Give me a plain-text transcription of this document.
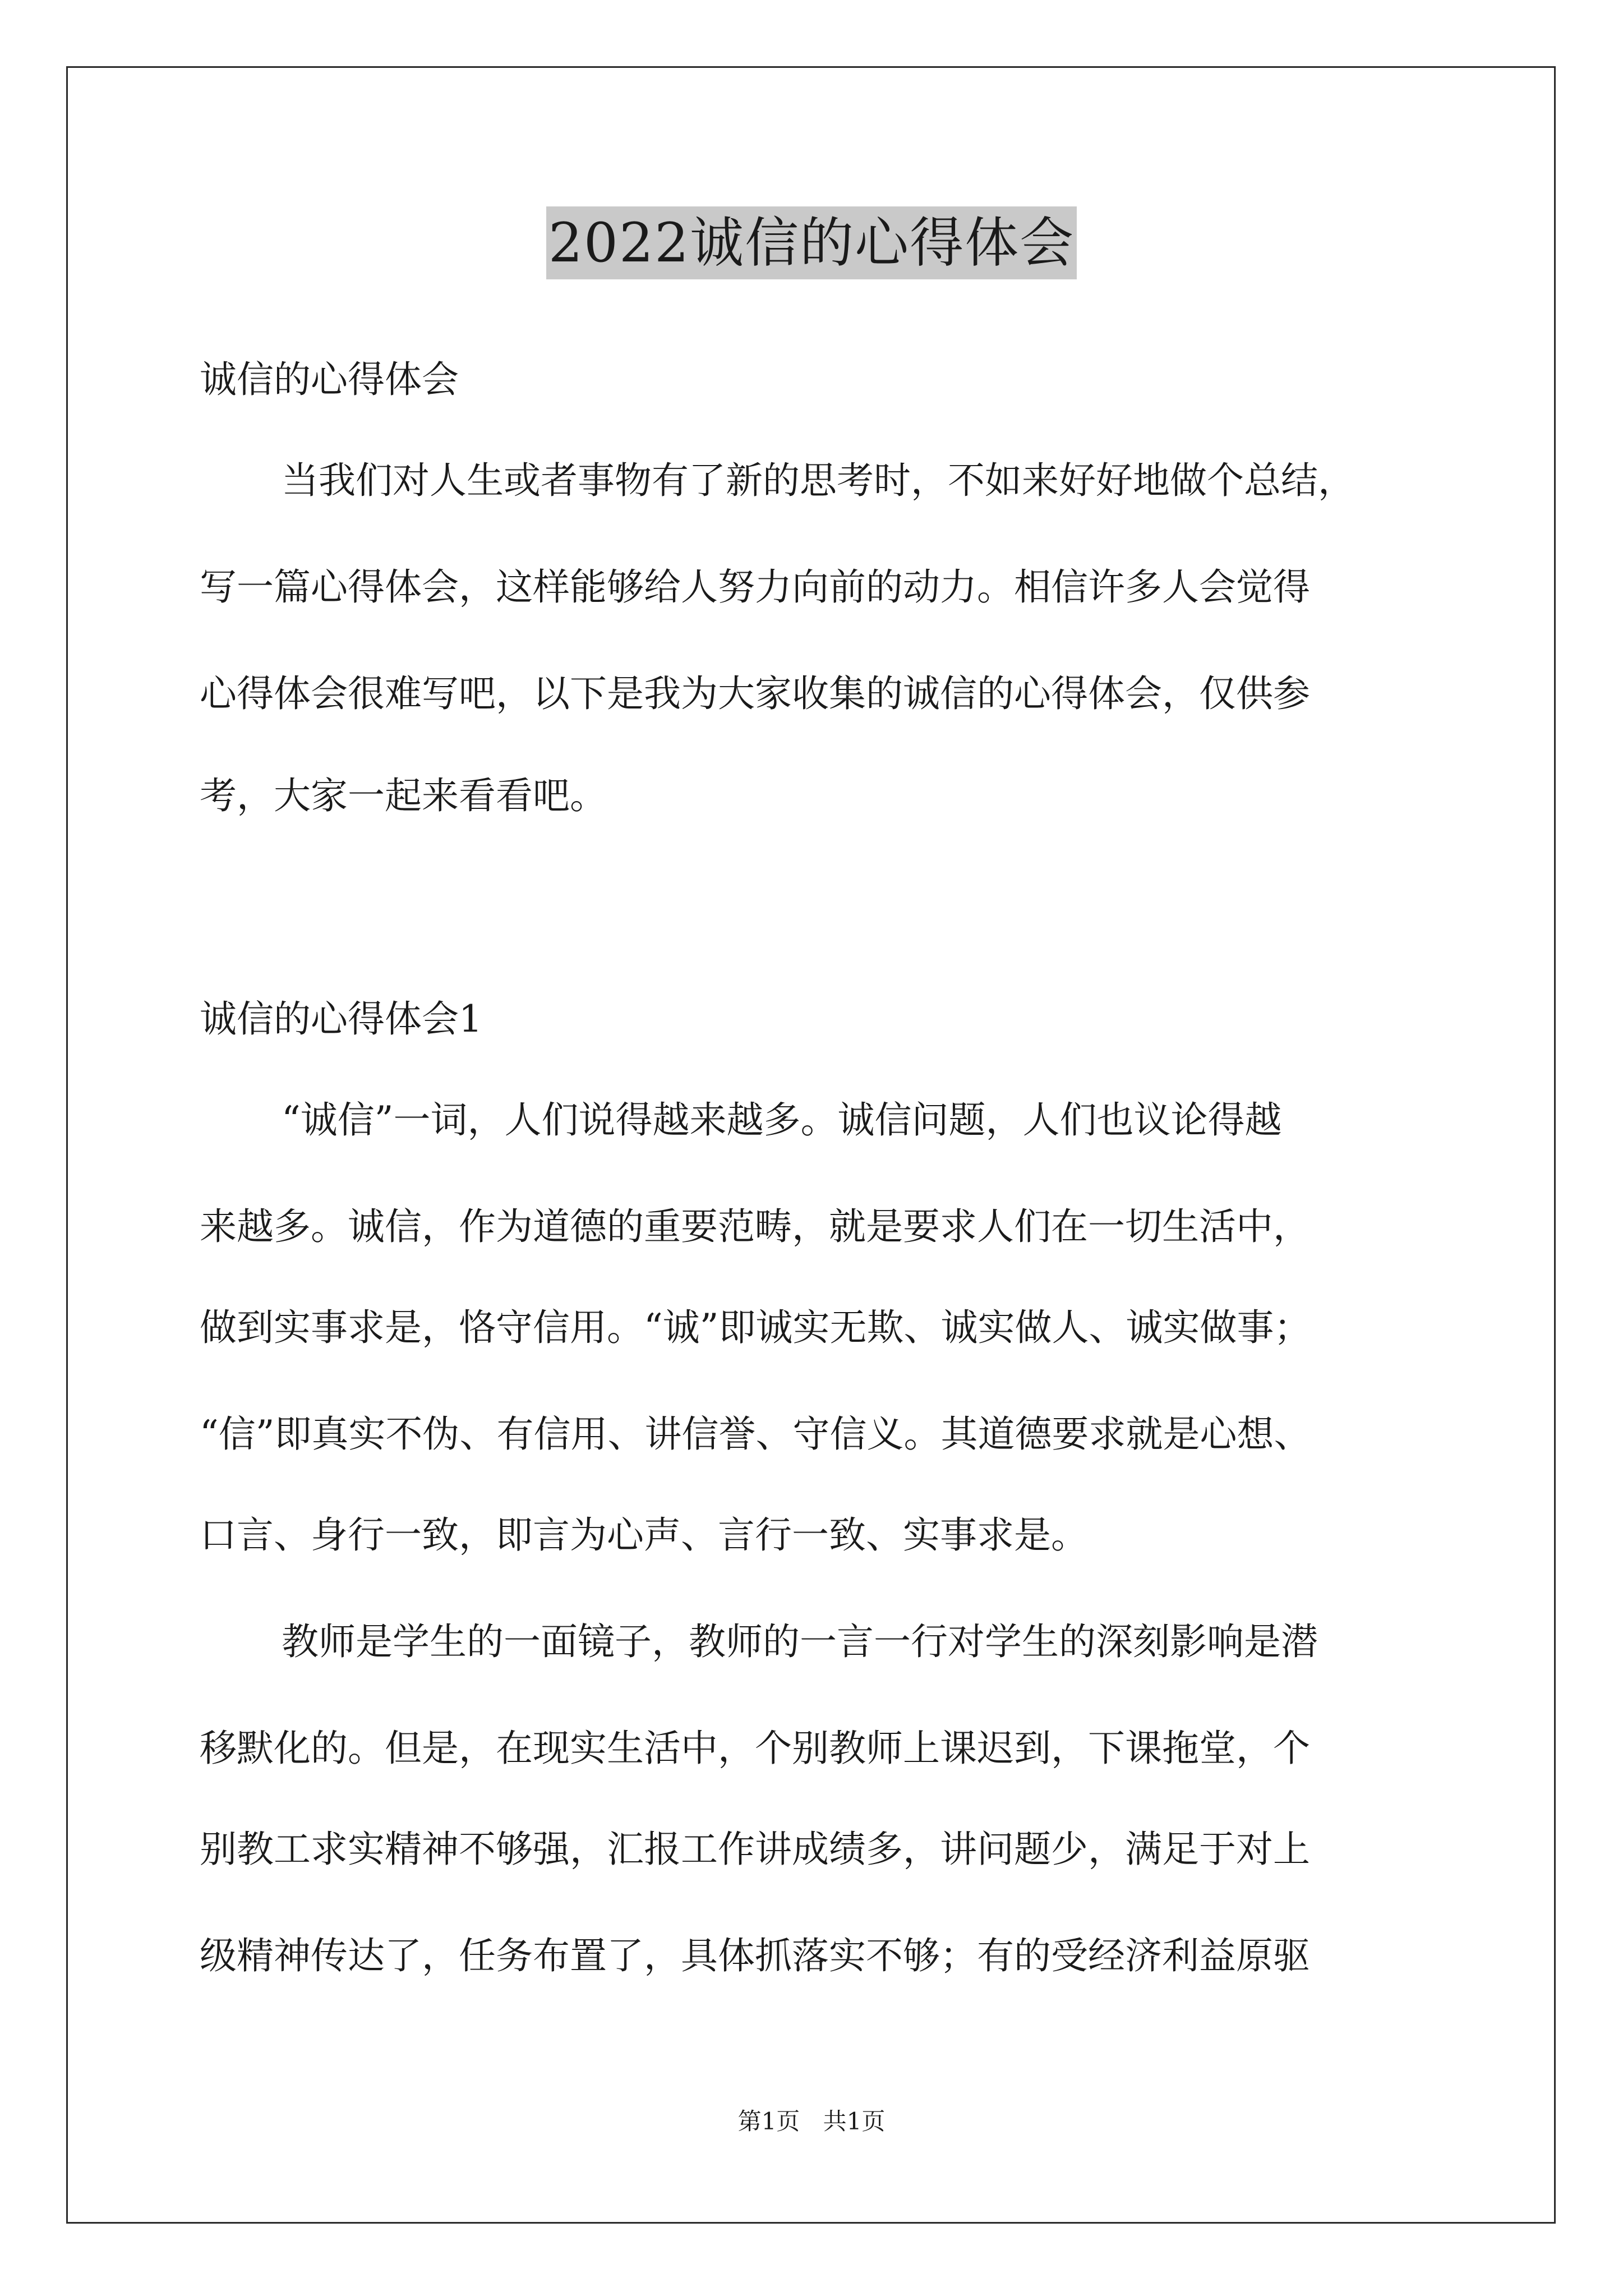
2022诚信的心得体会
诚信的心得体会
当我们对人生或者事物有了新的思考时，不如来好好地做个总结，
写一篇心得体会，这样能够给人努力向前的动力。相信许多人会觉得
心得体会很难写吧，以下是我为大家收集的诚信的心得体会，仅供参
考，大家一起来看看吧。
诚信的心得体会1
“诚信”一词，人们说得越来越多。诚信问题，人们也议论得越
来越多。诚信，作为道德的重要范畴，就是要求人们在一切生活中，
做到实事求是，恪守信用。“诚”即诚实无欺、诚实做人、诚实做事；
“信”即真实不伪、有信用、讲信誉、守信义。其道德要求就是心想、
口言、身行一致，即言为心声、言行一致、实事求是。
教师是学生的一面镜子，教师的一言一行对学生的深刻影响是潜
移默化的。但是，在现实生活中，个别教师上课迟到，下课拖堂，个
别教工求实精神不够强，汇报工作讲成绩多，讲问题少，满足于对上
级精神传达了，任务布置了，具体抓落实不够；有的受经济利益原驱
第1页 共1页
